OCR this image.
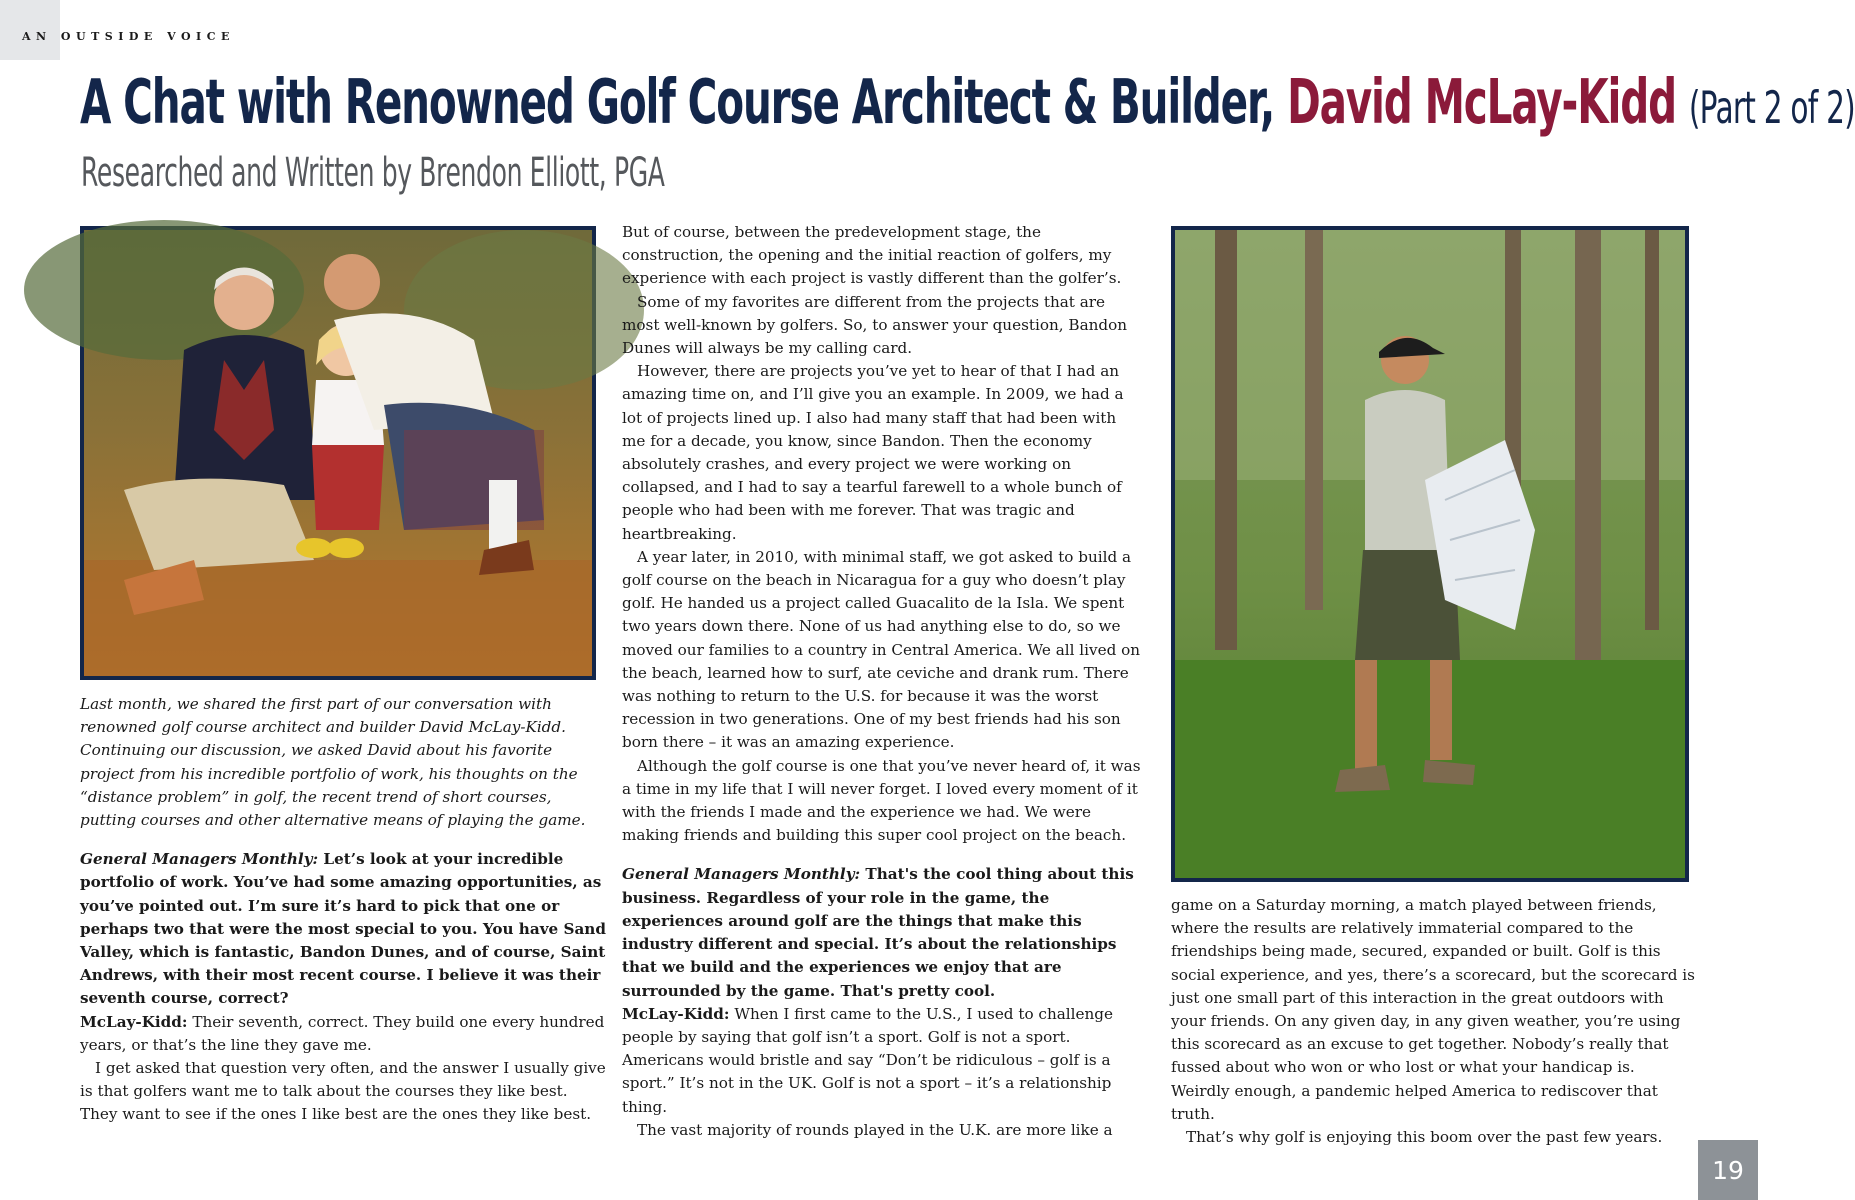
AN OUTSIDE VOICE
A Chat with Renowned Golf Course Architect & Builder, David McLay-Kidd (Part 2 of 2)

Researched and Written by Brendon Elliott, PGA

Last month, we shared the first part of our conversation with renowned golf course architect and builder David McLay-Kidd. Continuing our discussion, we asked David about his favorite project from his incredible portfolio of work, his thoughts on the “distance problem” in golf, the recent trend of short courses, putting courses and other alternative means of playing the game.

General Managers Monthly: Let’s look at your incredible portfolio of work. You’ve had some amazing opportunities, as you’ve pointed out. I’m sure it’s hard to pick that one or perhaps two that were the most special to you. You have Sand Valley, which is fantastic, Bandon Dunes, and of course, Saint Andrews, with their most recent course. I believe it was their seventh course, correct?

McLay-Kidd: Their seventh, correct. They build one every hundred years, or that’s the line they gave me.

I get asked that question very often, and the answer I usually give is that golfers want me to talk about the courses they like best. They want to see if the ones I like best are the ones they like best.

But of course, between the predevelopment stage, the construction, the opening and the initial reaction of golfers, my experience with each project is vastly different than the golfer’s.

Some of my favorites are different from the projects that are most well-known by golfers. So, to answer your question, Bandon Dunes will always be my calling card.

However, there are projects you’ve yet to hear of that I had an amazing time on, and I’ll give you an example. In 2009, we had a lot of projects lined up. I also had many staff that had been with me for a decade, you know, since Bandon. Then the economy absolutely crashes, and every project we were working on collapsed, and I had to say a tearful farewell to a whole bunch of people who had been with me forever. That was tragic and heartbreaking.

A year later, in 2010, with minimal staff, we got asked to build a golf course on the beach in Nicaragua for a guy who doesn’t play golf. He handed us a project called Guacalito de la Isla. We spent two years down there. None of us had anything else to do, so we moved our families to a country in Central America. We all lived on the beach, learned how to surf, ate ceviche and drank rum. There was nothing to return to the U.S. for because it was the worst recession in two generations. One of my best friends had his son born there – it was an amazing experience.

Although the golf course is one that you’ve never heard of, it was a time in my life that I will never forget. I loved every moment of it with the friends I made and the experience we had. We were making friends and building this super cool project on the beach.

General Managers Monthly: That's the cool thing about this business. Regardless of your role in the game, the experiences around golf are the things that make this industry different and special. It’s about the relationships that we build and the experiences we enjoy that are surrounded by the game. That's pretty cool.

McLay-Kidd: When I first came to the U.S., I used to challenge people by saying that golf isn’t a sport. Golf is not a sport. Americans would bristle and say “Don’t be ridiculous – golf is a sport.” It’s not in the UK. Golf is not a sport – it’s a relationship thing.

The vast majority of rounds played in the U.K. are more like a

game on a Saturday morning, a match played between friends, where the results are relatively immaterial compared to the friendships being made, secured, expanded or built. Golf is this social experience, and yes, there’s a scorecard, but the scorecard is just one small part of this interaction in the great outdoors with your friends. On any given day, in any given weather, you’re using this scorecard as an excuse to get together. Nobody’s really that fussed about who won or who lost or what your handicap is. Weirdly enough, a pandemic helped America to rediscover that truth.

That’s why golf is enjoying this boom over the past few years.

19
